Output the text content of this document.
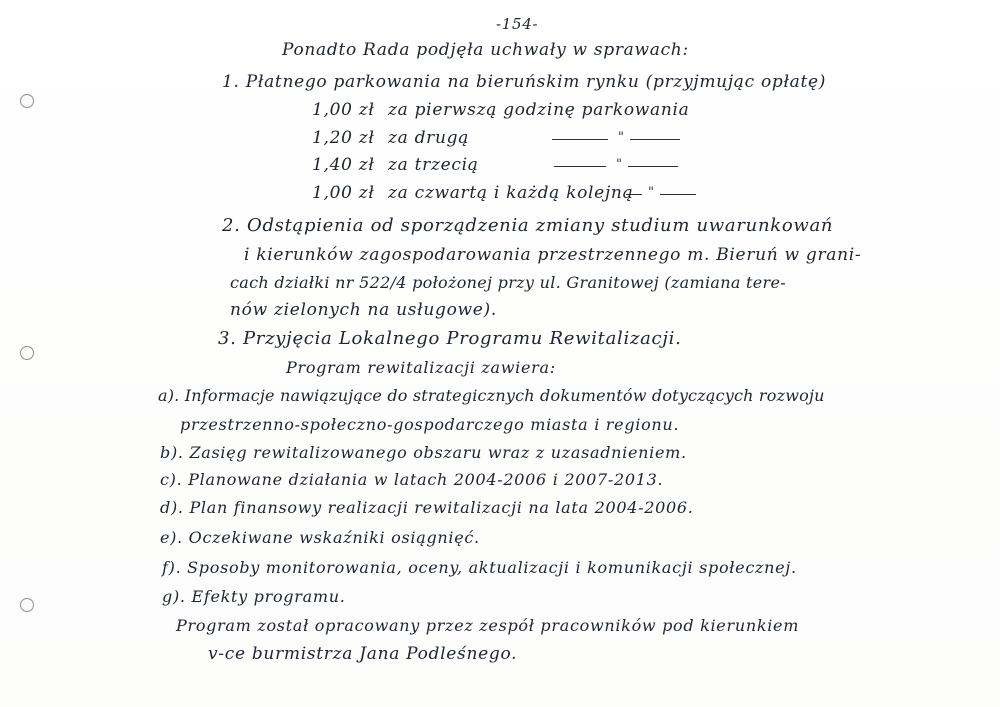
-154-
Ponadto Rada podjęła uchwały w sprawach:
1. Płatnego parkowania na bieruńskim rynku (przyjmując opłatę)
1,00 zł za pierwszą godzinę parkowania
1,20 zł za drugą	"
1,40 zł za trzecią	"
1,00 zł za czwartą i każdą kolejną "
2. Odstąpienia od sporządzenia zmiany studium uwarunkowań
i kierunków zagospodarowania przestrzennego m. Bieruń w grani-
cach działki nr 522/4 położonej przy ul. Granitowej (zamiana tere-
nów zielonych na usługowe).
3. Przyjęcia Lokalnego Programu Rewitalizacji.
Program rewitalizacji zawiera:
a). Informacje nawiązujące do strategicznych dokumentów dotyczących rozwoju
przestrzenno-społeczno-gospodarczego miasta i regionu.
b). Zasięg rewitalizowanego obszaru wraz z uzasadnieniem.
c). Planowane działania w latach 2004-2006 i 2007-2013.
d). Plan finansowy realizacji rewitalizacji na lata 2004-2006.
e). Oczekiwane wskaźniki osiągnięć.
f). Sposoby monitorowania, oceny, aktualizacji i komunikacji społecznej.
g). Efekty programu.
Program został opracowany przez zespół pracowników pod kierunkiem
v-ce burmistrza Jana Podleśnego.
